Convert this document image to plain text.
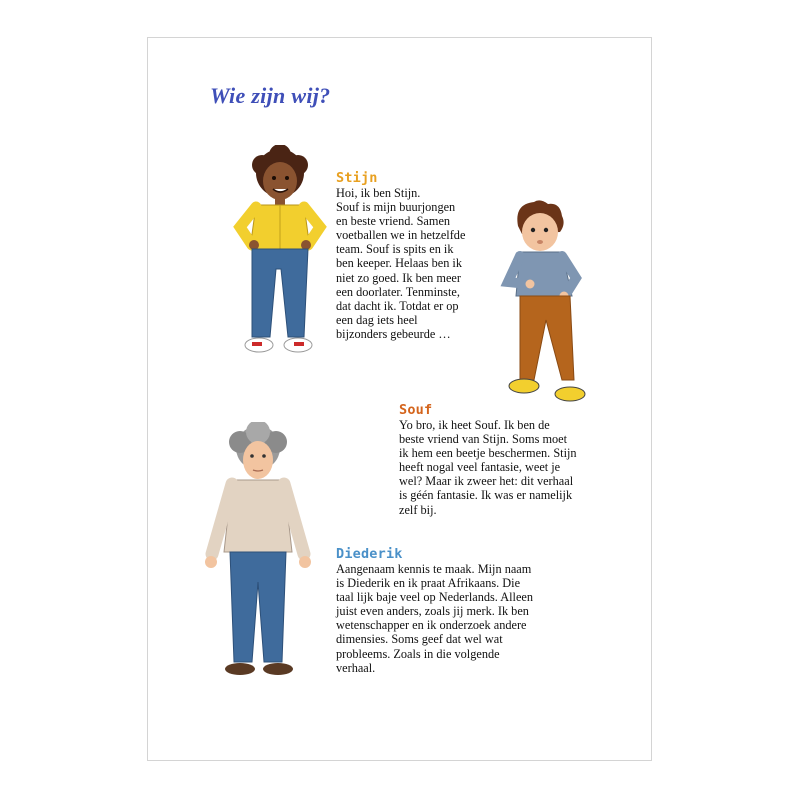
Wie zijn wij?
Stijn
Hoi, ik ben Stijn.
Souf is mijn buurjongen
en beste vriend. Samen
voetballen we in hetzelfde
team. Souf is spits en ik
ben keeper. Helaas ben ik
niet zo goed. Ik ben meer
een doorlater. Tenminste,
dat dacht ik. Totdat er op
een dag iets heel
bijzonders gebeurde …
Souf
Yo bro, ik heet Souf. Ik ben de
beste vriend van Stijn. Soms moet
ik hem een beetje beschermen. Stijn
heeft nogal veel fantasie, weet je
wel? Maar ik zweer het: dit verhaal
is géén fantasie. Ik was er namelijk
zelf bij.
Diederik
Aangenaam kennis te maak. Mijn naam
is Diederik en ik praat Afrikaans. Die
taal lijk baje veel op Nederlands. Alleen
juist even anders, zoals jij merk. Ik ben
wetenschapper en ik onderzoek andere
dimensies. Soms geef dat wel wat
probleems. Zoals in die volgende
verhaal.
